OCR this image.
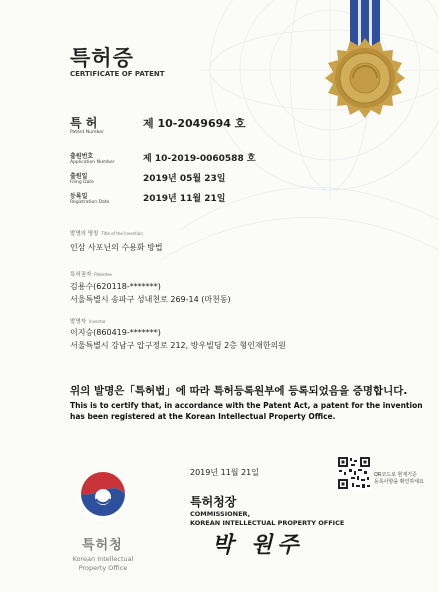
특허증
CERTIFICATE OF PATENT
특 허
Patent Number
제 10-2049694 호
출원번호
Application Number	제 10-2019-0060588 호
출원일
Filing Date	2019년 05월 23일
등록일
Registration Date	2019년 11월 21일
발명의 명칭 Title of the Invention
인삼 사포닌의 수용화 방법
특허권자 Patentee
김용수(620118-*******)
서울특별시 송파구 성내천로 269-14 (마천동)
발명자 Inventor
이지승(860419-*******)
서울특별시 강남구 압구정로 212, 방우빌딩 2층 형인재한의원
위의 발명은「특허법」에 따라 특허등록원부에 등록되었음을 증명합니다.
This is to certify that, in accordance with the Patent Act, a patent for the invention
has been registered at the Korean Intellectual Property Office.
2019년 11월 21일	QR코드로 현재기준
등록사항을 확인하세요
특허청장
COMMISSIONER,
KOREAN INTELLECTUAL PROPERTY OFFICE
박 원주
특허청
Korean Intellectual
Property Office
